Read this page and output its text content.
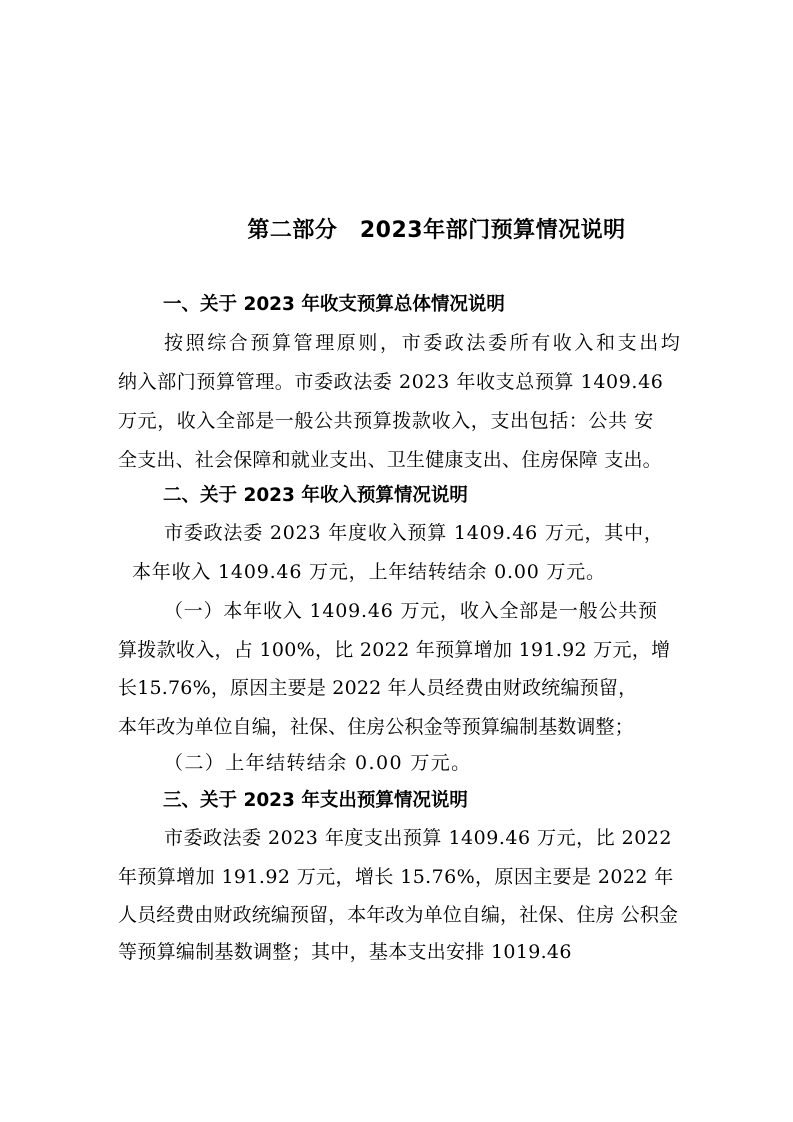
第二部分　2023年部门预算情况说明
一、关于 2023 年收支预算总体情况说明
按照综合预算管理原则，市委政法委所有收入和支出均
纳入部门预算管理。市委政法委 2023 年收支总预算 1409.46
万元，收入全部是一般公共预算拨款收入，支出包括：公共 安
全支出、社会保障和就业支出、卫生健康支出、住房保障 支出。
二、关于 2023 年收入预算情况说明
市委政法委 2023 年度收入预算 1409.46 万元，其中，
本年收入 1409.46 万元，上年结转结余 0.00 万元。
（一）本年收入 1409.46 万元，收入全部是一般公共预
算拨款收入，占 100%，比 2022 年预算增加 191.92 万元，增
长15.76%，原因主要是 2022 年人员经费由财政统编预留，
本年改为单位自编，社保、住房公积金等预算编制基数调整；
（二）上年结转结余 0.00 万元。
三、关于 2023 年支出预算情况说明
市委政法委 2023 年度支出预算 1409.46 万元，比 2022
年预算增加 191.92 万元，增长 15.76%，原因主要是 2022 年
人员经费由财政统编预留，本年改为单位自编，社保、住房 公积金
等预算编制基数调整；其中，基本支出安排 1019.46
